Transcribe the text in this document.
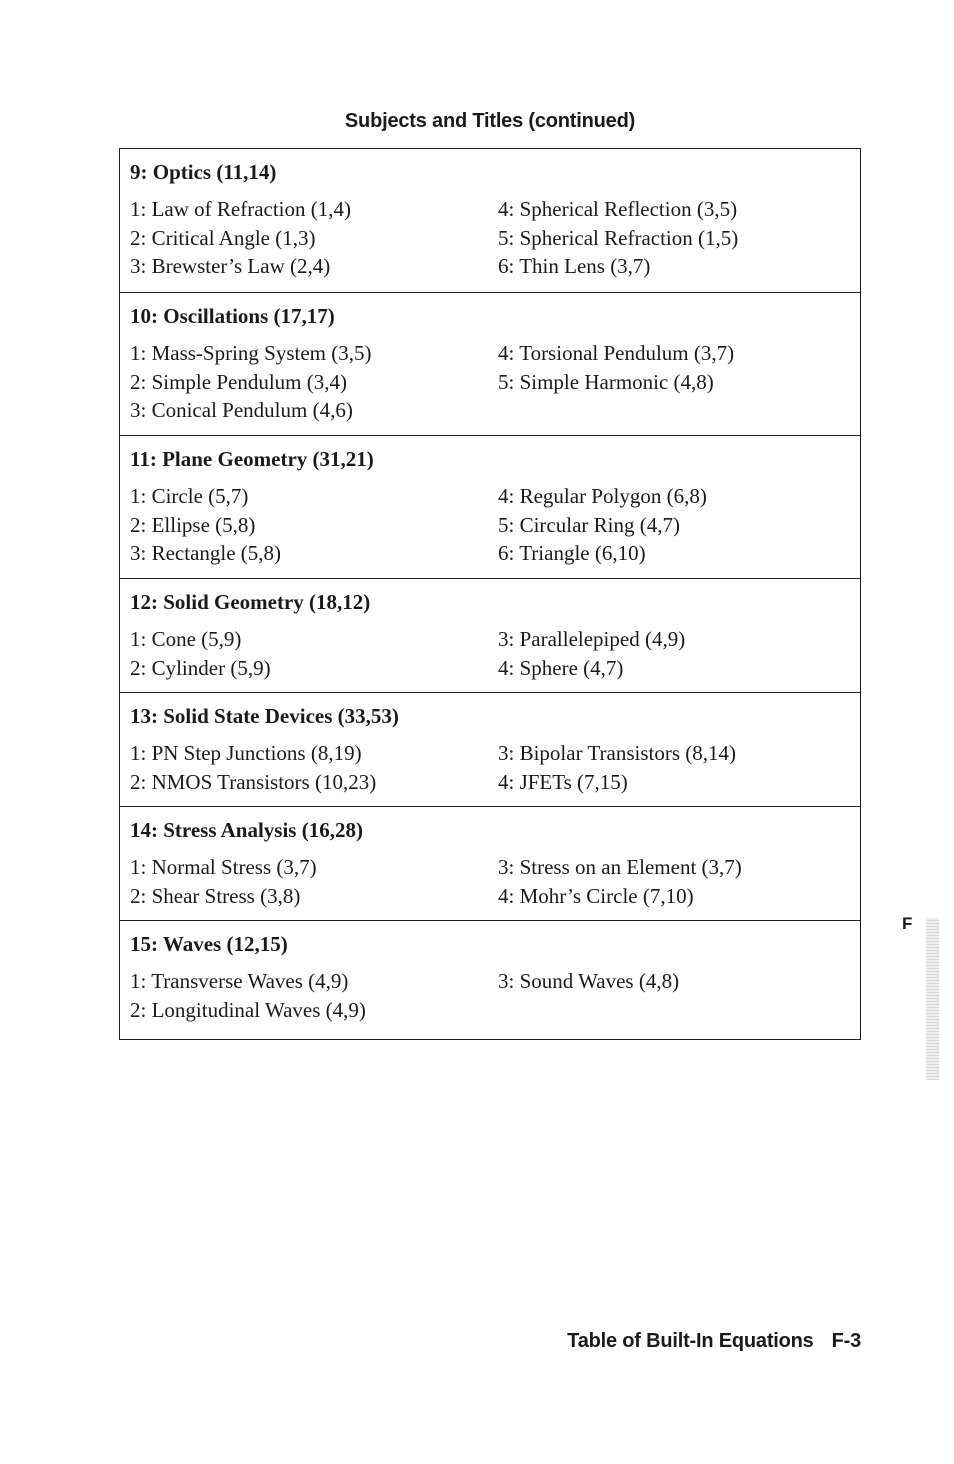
Subjects and Titles (continued)
9: Optics (11,14)
1: Law of Refraction (1,4)
2: Critical Angle (1,3)
3: Brewster’s Law (2,4)
4: Spherical Reflection (3,5)
5: Spherical Refraction (1,5)
6: Thin Lens (3,7)
10: Oscillations (17,17)
1: Mass-Spring System (3,5)
2: Simple Pendulum (3,4)
3: Conical Pendulum (4,6)
4: Torsional Pendulum (3,7)
5: Simple Harmonic (4,8)
11: Plane Geometry (31,21)
1: Circle (5,7)
2: Ellipse (5,8)
3: Rectangle (5,8)
4: Regular Polygon (6,8)
5: Circular Ring (4,7)
6: Triangle (6,10)
12: Solid Geometry (18,12)
1: Cone (5,9)
2: Cylinder (5,9)
3: Parallelepiped (4,9)
4: Sphere (4,7)
13: Solid State Devices (33,53)
1: PN Step Junctions (8,19)
2: NMOS Transistors (10,23)
3: Bipolar Transistors (8,14)
4: JFETs (7,15)
14: Stress Analysis (16,28)
1: Normal Stress (3,7)
2: Shear Stress (3,8)
3: Stress on an Element (3,7)
4: Mohr’s Circle (7,10)
15: Waves (12,15)
1: Transverse Waves (4,9)
2: Longitudinal Waves (4,9)
3: Sound Waves (4,8)
F
Table of Built-In Equations F-3
